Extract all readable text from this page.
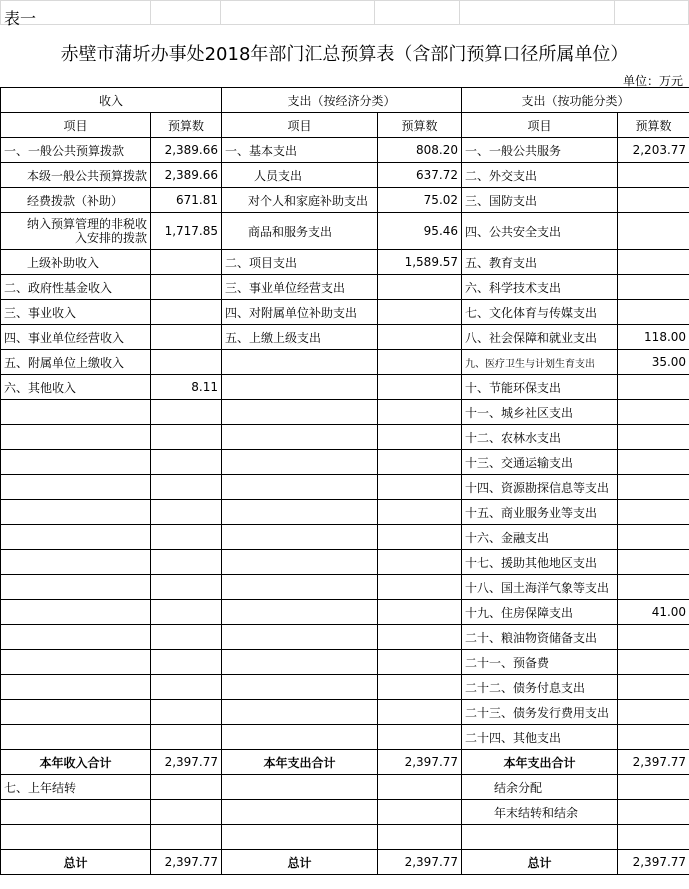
表一
赤壁市蒲圻办事处2018年部门汇总预算表（含部门预算口径所属单位）
单位：万元
收入		支出（按经济分类）		支出（按功能分类）	
项目	预算数	项目	预算数	项目	预算数
一、一般公共预算拨款	2,389.66	一、基本支出	808.20	一、一般公共服务	2,203.77
本级一般公共预算拨款	2,389.66	人员支出	637.72	二、外交支出	
经费拨款（补助）	671.81	对个人和家庭补助支出	75.02	三、国防支出	
纳入预算管理的非税收入安排的拨款	1,717.85	商品和服务支出	95.46	四、公共安全支出	
上级补助收入		二、项目支出	1,589.57	五、教育支出	
二、政府性基金收入		三、事业单位经营支出		六、科学技术支出	
三、事业收入		四、对附属单位补助支出		七、文化体育与传媒支出	
四、事业单位经营收入		五、上缴上级支出		八、社会保障和就业支出	118.00
五、附属单位上缴收入				九、医疗卫生与计划生育支出	35.00
六、其他收入	8.11			十、节能环保支出	
				十一、城乡社区支出	
				十二、农林水支出	
				十三、交通运输支出	
				十四、资源勘探信息等支出	
				十五、商业服务业等支出	
				十六、金融支出	
				十七、援助其他地区支出	
				十八、国土海洋气象等支出	
				十九、住房保障支出	41.00
				二十、粮油物资储备支出	
				二十一、预备费	
				二十二、债务付息支出	
				二十三、债务发行费用支出	
				二十四、其他支出	
本年收入合计	2,397.77	本年支出合计	2,397.77	本年支出合计	2,397.77
七、上年结转				结余分配	
				年末结转和结余	

总计	2,397.77	总计	2,397.77	总计	2,397.77
